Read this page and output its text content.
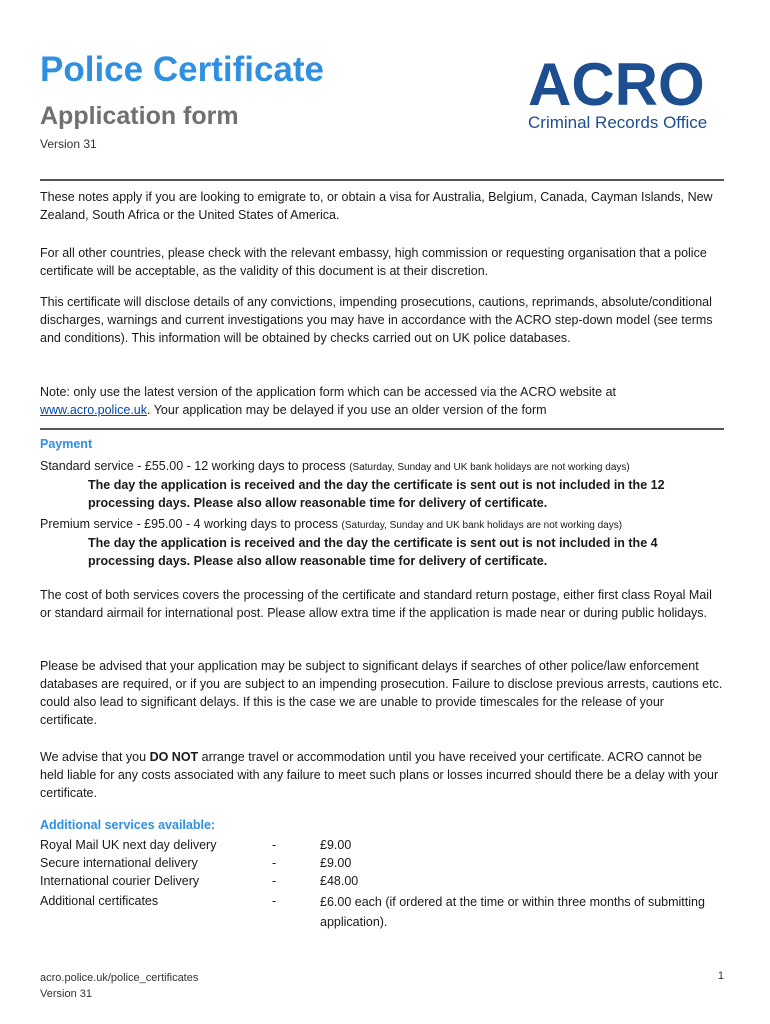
Police Certificate
Application form
Version 31
ACRO
Criminal Records Office

These notes apply if you are looking to emigrate to, or obtain a visa for Australia, Belgium, Canada, Cayman Islands, New Zealand, South Africa or the United States of America.

For all other countries, please check with the relevant embassy, high commission or requesting organisation that a police certificate will be acceptable, as the validity of this document is at their discretion.

This certificate will disclose details of any convictions, impending prosecutions, cautions, reprimands, absolute/conditional discharges, warnings and current investigations you may have in accordance with the ACRO step-down model (see terms and conditions). This information will be obtained by checks carried out on UK police databases.

Note: only use the latest version of the application form which can be accessed via the ACRO website at www.acro.police.uk. Your application may be delayed if you use an older version of the form

Payment
Standard service - £55.00 - 12 working days to process (Saturday, Sunday and UK bank holidays are not working days)
The day the application is received and the day the certificate is sent out is not included in the 12 processing days. Please also allow reasonable time for delivery of certificate.
Premium service - £95.00 - 4 working days to process (Saturday, Sunday and UK bank holidays are not working days)
The day the application is received and the day the certificate is sent out is not included in the 4 processing days. Please also allow reasonable time for delivery of certificate.

The cost of both services covers the processing of the certificate and standard return postage, either first class Royal Mail or standard airmail for international post. Please allow extra time if the application is made near or during public holidays.

Please be advised that your application may be subject to significant delays if searches of other police/law enforcement databases are required, or if you are subject to an impending prosecution. Failure to disclose previous arrests, cautions etc. could also lead to significant delays. If this is the case we are unable to provide timescales for the release of your certificate.

We advise that you DO NOT arrange travel or accommodation until you have received your certificate. ACRO cannot be held liable for any costs associated with any failure to meet such plans or losses incurred should there be a delay with your certificate.

Additional services available:
Royal Mail UK next day delivery	-	£9.00
Secure international delivery	-	£9.00
International courier Delivery	-	£48.00
Additional certificates	-	£6.00 each (if ordered at the time or within three months of submitting application).
acro.police.uk/police_certificates
Version 31
1
